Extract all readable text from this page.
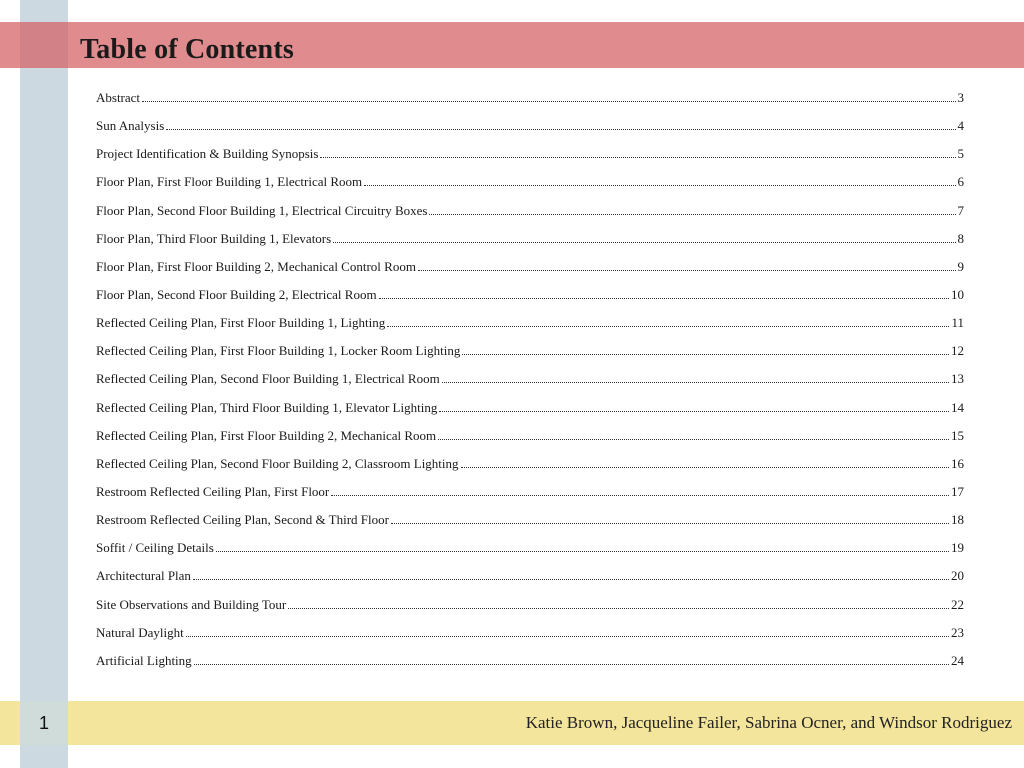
Table of Contents
Abstract	3
Sun Analysis	4
Project Identification & Building Synopsis	5
Floor Plan, First Floor Building 1, Electrical Room	6
Floor Plan, Second Floor Building 1, Electrical Circuitry Boxes	7
Floor Plan, Third Floor Building 1, Elevators	8
Floor Plan, First Floor Building 2, Mechanical Control Room	9
Floor Plan, Second Floor Building 2, Electrical Room	10
Reflected Ceiling Plan, First Floor Building 1, Lighting	11
Reflected Ceiling Plan, First Floor Building 1, Locker Room Lighting	12
Reflected Ceiling Plan, Second Floor Building 1, Electrical Room	13
Reflected Ceiling Plan, Third Floor Building 1, Elevator Lighting	14
Reflected Ceiling Plan, First Floor Building 2, Mechanical Room	15
Reflected Ceiling Plan, Second Floor Building 2, Classroom Lighting	16
Restroom Reflected Ceiling Plan, First Floor	17
Restroom Reflected Ceiling Plan, Second & Third Floor	18
Soffit / Ceiling Details	19
Architectural Plan	20
Site Observations and Building Tour	22
Natural Daylight	23
Artificial Lighting	24
1	Katie Brown, Jacqueline Failer, Sabrina Ocner, and Windsor Rodriguez
